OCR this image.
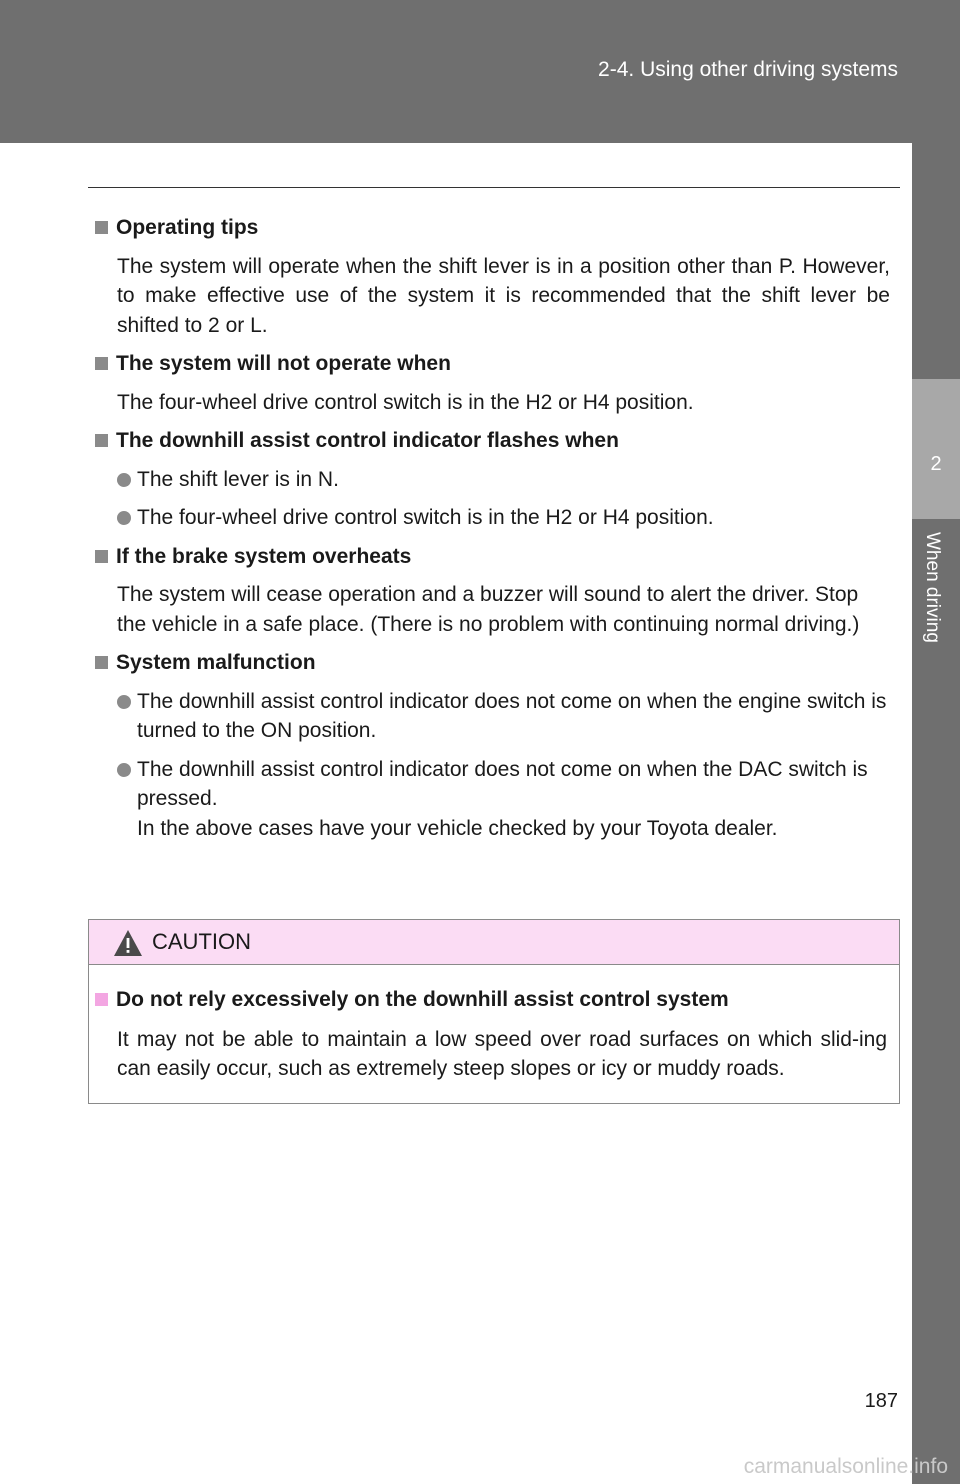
2-4. Using other driving systems
2
When driving
Operating tips
The system will operate when the shift lever is in a position other than P. However, to make effective use of the system it is recommended that the shift lever be shifted to 2 or L.
The system will not operate when
The four-wheel drive control switch is in the H2 or H4 position.
The downhill assist control indicator flashes when
The shift lever is in N.
The four-wheel drive control switch is in the H2 or H4 position.
If the brake system overheats
The system will cease operation and a buzzer will sound to alert the driver. Stop the vehicle in a safe place. (There is no problem with continuing normal driving.)
System malfunction
The downhill assist control indicator does not come on when the engine switch is turned to the ON position.
The downhill assist control indicator does not come on when the DAC switch is pressed.
In the above cases have your vehicle checked by your Toyota dealer.
CAUTION
Do not rely excessively on the downhill assist control system
It may not be able to maintain a low speed over road surfaces on which slid-ing can easily occur, such as extremely steep slopes or icy or muddy roads.
187
carmanualsonline.info
